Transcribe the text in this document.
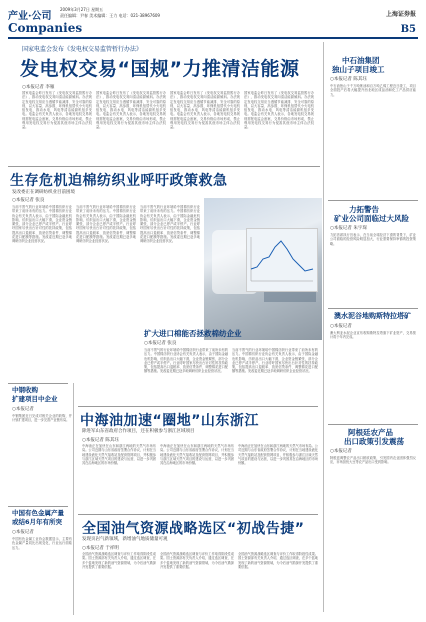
产业·公司
2009年3月27日 星期五
责任编辑：尹春 美术编辑：王力 电话：021-38967609	上海证券报
Companies	B5
国家电监会发布《发电权交易监管暂行办法》
发电权交易“国规”力推清洁能源
○本报记者 李雁
国家电监会昨日发布了《发电权交易监管暂行办法》，推动发电权交易向清洁能源倾斜。办法规定发电权交易应当遵循节能减排、安全可靠的原则，以大容量、高参数、环保机组替代小火电机组发电，推动水电、风电等清洁能源机组多发电。电监会有关负责人表示，各地发电权交易规则需报电监会备案，交易价格由市场形成，禁止利用发电权交易行为侵害其他市场主体合法权益。
国家电监会昨日发布了《发电权交易监管暂行办法》，推动发电权交易向清洁能源倾斜。办法规定发电权交易应当遵循节能减排、安全可靠的原则，以大容量、高参数、环保机组替代小火电机组发电，推动水电、风电等清洁能源机组多发电。电监会有关负责人表示，各地发电权交易规则需报电监会备案，交易价格由市场形成，禁止利用发电权交易行为侵害其他市场主体合法权益。
国家电监会昨日发布了《发电权交易监管暂行办法》，推动发电权交易向清洁能源倾斜。办法规定发电权交易应当遵循节能减排、安全可靠的原则，以大容量、高参数、环保机组替代小火电机组发电，推动水电、风电等清洁能源机组多发电。电监会有关负责人表示，各地发电权交易规则需报电监会备案，交易价格由市场形成，禁止利用发电权交易行为侵害其他市场主体合法权益。
国家电监会昨日发布了《发电权交易监管暂行办法》，推动发电权交易向清洁能源倾斜。办法规定发电权交易应当遵循节能减排、安全可靠的原则，以大容量、高参数、环保机组替代小火电机组发电，推动水电、风电等清洁能源机组多发电。电监会有关负责人表示，各地发电权交易规则需报电监会备案，交易价格由市场形成，禁止利用发电权交易行为侵害其他市场主体合法权益。
中石油集团
独山子项目竣工
○本报记者 陈其珏
中石油独山子千万吨炼油和百万吨乙烯工程近日竣工，项目全面投产后将大幅提升西北地区成品油和化工产品供应能力。
力拓警告
矿业公司面临过大风险
○本报记者 朱宇琛
力拓首席执行官表示，在当前全球经济下滑的背景下，矿业公司面临的经营风险明显加大，行业需要保持审慎的投资策略。
澳水泥谷地购斯特拉塔矿
○本报记者
澳大利亚水泥企业宣布收购斯特拉塔旗下矿业资产，交易预计将于年内完成。
阿根廷农产品
出口政策引发震荡
○本报记者
阿根廷调整农产品出口税收政策，引发国内农业团体强烈反应，市场担忧大豆等农产品出口受到影响。
生存危机迫棉纺织业呼吁政策救急
发改委正在调研纺织业目前困境
○本报记者 张良
当前不景气的行业环境给中国棉纺织行业带来了前所未有的压力。中国棉纺织行业协会有关负责人表示，由于国际金融危机影响，纺织品出口大幅下滑，企业资金链紧张，部分企业已停产或半停产。行业呼吁国家尽快出台针对性的扶持政策，包括提高出口退税率、放宽信贷条件、调整棉花进口配额等措施。发改委近期已赴多地调研纺织企业经营状况。
当前不景气的行业环境给中国棉纺织行业带来了前所未有的压力。中国棉纺织行业协会有关负责人表示，由于国际金融危机影响，纺织品出口大幅下滑，企业资金链紧张，部分企业已停产或半停产。行业呼吁国家尽快出台针对性的扶持政策，包括提高出口退税率、放宽信贷条件、调整棉花进口配额等措施。发改委近期已赴多地调研纺织企业经营状况。
当前不景气的行业环境给中国棉纺织行业带来了前所未有的压力。中国棉纺织行业协会有关负责人表示，由于国际金融危机影响，纺织品出口大幅下滑，企业资金链紧张，部分企业已停产或半停产。行业呼吁国家尽快出台针对性的扶持政策，包括提高出口退税率、放宽信贷条件、调整棉花进口配额等措施。发改委近期已赴多地调研纺织企业经营状况。
扩大进口棉能否拯救棉纺企业
○本报记者 张良
当前不景气的行业环境给中国棉纺织行业带来了前所未有的压力。中国棉纺织行业协会有关负责人表示，由于国际金融危机影响，纺织品出口大幅下滑，企业资金链紧张，部分企业已停产或半停产。行业呼吁国家尽快出台针对性的扶持政策，包括提高出口退税率、放宽信贷条件、调整棉花进口配额等措施。发改委近期已赴多地调研纺织企业经营状况。
当前不景气的行业环境给中国棉纺织行业带来了前所未有的压力。中国棉纺织行业协会有关负责人表示，由于国际金融危机影响，纺织品出口大幅下滑，企业资金链紧张，部分企业已停产或半停产。行业呼吁国家尽快出台针对性的扶持政策，包括提高出口退税率、放宽信贷条件、调整棉花进口配额等措施。发改委近期已赴多地调研纺织企业经营状况。
中钢收购
扩建项目中企业
○本报记者
中钢集团近日完成对相关企业的收购，并计划扩建项目，进一步完善产业链布局。
中国有色金属产量
或结6月年有所突
○本报记者
中国有色金属工业协会数据显示，主要有色金属产量同比出现变化，行业运行面临压力。
中海油加速“圈地”山东浙江
除进军山东省政府合作项目，还在积极参与浙江区域项目
○本报记者 陈其珏
中海油正在加快在山东和浙江两地的天然气市场布局。公司近期与山东省政府签署合作协议，计划在当地建设液化天然气接收站及配套管网项目，并积极参与浙江区域天然气项目的建设与运营，以进一步巩固其在沿海地区的市场份额。
中海油正在加快在山东和浙江两地的天然气市场布局。公司近期与山东省政府签署合作协议，计划在当地建设液化天然气接收站及配套管网项目，并积极参与浙江区域天然气项目的建设与运营，以进一步巩固其在沿海地区的市场份额。
中海油正在加快在山东和浙江两地的天然气市场布局。公司近期与山东省政府签署合作协议，计划在当地建设液化天然气接收站及配套管网项目，并积极参与浙江区域天然气项目的建设与运营，以进一步巩固其在沿海地区的市场份额。
全国油气资源战略选区“初战告捷”
发现页岩气新领域，新增油气地质储量可观
○本报记者 于祥明
全国油气资源战略选区调查与评价工作取得阶段性成果。国土资源部有关负责人介绍，通过选区调查，在多个盆地发现了新的油气资源领域，为今后油气勘探开发提供了重要依据。
全国油气资源战略选区调查与评价工作取得阶段性成果。国土资源部有关负责人介绍，通过选区调查，在多个盆地发现了新的油气资源领域，为今后油气勘探开发提供了重要依据。
全国油气资源战略选区调查与评价工作取得阶段性成果。国土资源部有关负责人介绍，通过选区调查，在多个盆地发现了新的油气资源领域，为今后油气勘探开发提供了重要依据。
